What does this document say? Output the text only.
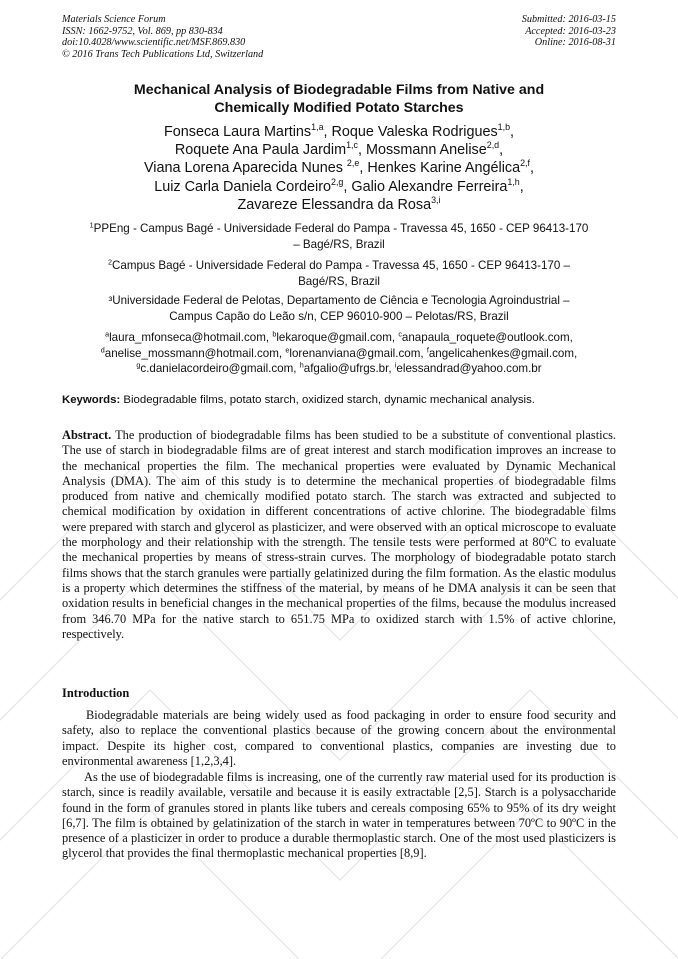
Materials Science Forum
ISSN: 1662-9752, Vol. 869, pp 830-834
doi:10.4028/www.scientific.net/MSF.869.830
© 2016 Trans Tech Publications Ltd, Switzerland
Submitted: 2016-03-15
Accepted: 2016-03-23
Online: 2016-08-31
Mechanical Analysis of Biodegradable Films from Native and
Chemically Modified Potato Starches
Fonseca Laura Martins$^{1,a}$, Roque Valeska Rodrigues$^{1,b}$,
Roquete Ana Paula Jardim$^{1,c}$, Mossmann Anelise$^{2,d}$,
Viana Lorena Aparecida Nunes $^{2,e}$, Henkes Karine Angélica$^{2,f}$,
Luiz Carla Daniela Cordeiro$^{2,g}$, Galio Alexandre Ferreira$^{1,h}$,
Zavareze Elessandra da Rosa$^{3,i}$
$^1$PPEng - Campus Bagé - Universidade Federal do Pampa - Travessa 45, 1650 - CEP 96413-170
– Bagé/RS, Brazil
$^2$Campus Bagé - Universidade Federal do Pampa - Travessa 45, 1650 - CEP 96413-170 –
Bagé/RS, Brazil
³Universidade Federal de Pelotas, Departamento de Ciência e Tecnologia Agroindustrial –
Campus Capão do Leão s/n, CEP 96010-900 – Pelotas/RS, Brazil
$^a$laura_mfonseca@hotmail.com, $^b$lekaroque@gmail.com, $^c$anapaula_roquete@outlook.com,
$^d$anelise_mossmann@hotmail.com, $^e$lorenanviana@gmail.com, $^f$angelicahenkes@gmail.com,
$^g$c.danielacordeiro@gmail.com, $^h$afgalio@ufrgs.br, $^i$elessandrad@yahoo.com.br
Keywords: Biodegradable films, potato starch, oxidized starch, dynamic mechanical analysis.
Abstract. The production of biodegradable films has been studied to be a substitute of conventional plastics. The use of starch in biodegradable films are of great interest and starch modification improves an increase to the mechanical properties the film. The mechanical properties were evaluated by Dynamic Mechanical Analysis (DMA). The aim of this study is to determine the mechanical properties of biodegradable films produced from native and chemically modified potato starch. The starch was extracted and subjected to chemical modification by oxidation in different concentrations of active chlorine. The biodegradable films were prepared with starch and glycerol as plasticizer, and were observed with an optical microscope to evaluate the morphology and their relationship with the strength. The tensile tests were performed at 80ºC to evaluate the mechanical properties by means of stress-strain curves. The morphology of biodegradable potato starch films shows that the starch granules were partially gelatinized during the film formation. As the elastic modulus is a property which determines the stiffness of the material, by means of he DMA analysis it can be seen that oxidation results in beneficial changes in the mechanical properties of the films, because the modulus increased from 346.70 MPa for the native starch to 651.75 MPa to oxidized starch with 1.5% of active chlorine, respectively.
Introduction

Biodegradable materials are being widely used as food packaging in order to ensure food security and safety, also to replace the conventional plastics because of the growing concern about the environmental impact. Despite its higher cost, compared to conventional plastics, companies are investing due to environmental awareness [1,2,3,4].

As the use of biodegradable films is increasing, one of the currently raw material used for its production is starch, since is readily available, versatile and because it is easily extractable [2,5]. Starch is a polysaccharide found in the form of granules stored in plants like tubers and cereals composing 65% to 95% of its dry weight [6,7]. The film is obtained by gelatinization of the starch in water in temperatures between 70ºC to 90ºC in the presence of a plasticizer in order to produce a durable thermoplastic starch. One of the most used plasticizers is glycerol that provides the final thermoplastic mechanical properties [8,9].
